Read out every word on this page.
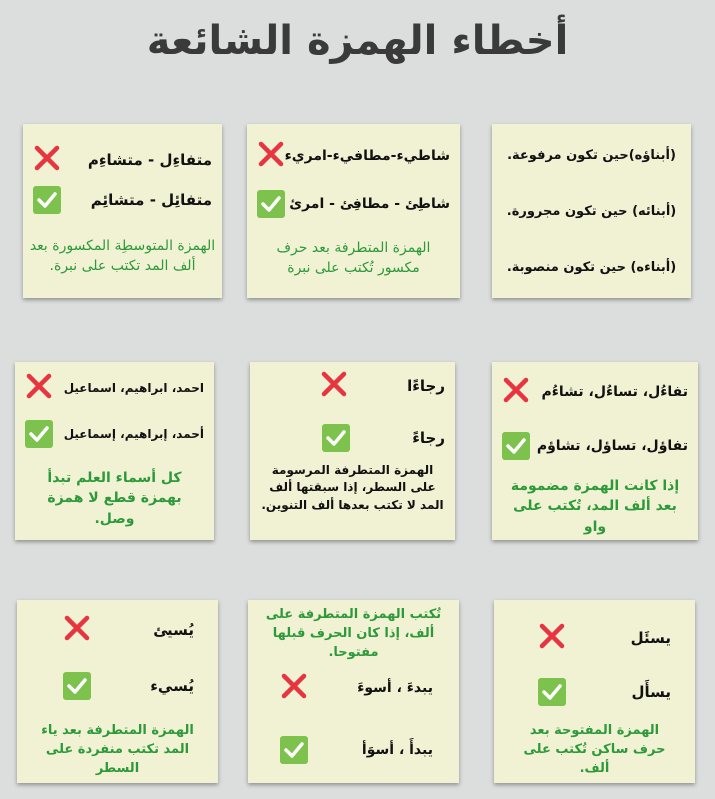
أخطاء الهمزة الشائعة
متفاءِل - متشاءِم
متفائِل - متشائِم
الهمزة المتوسطِة المكسورة بعد ألف المد تكتب على نبرة.
شاطيء-مطافيء-امريء
شاطِئ - مطافِئ - امرئ
الهمزة المتطرفة بعد حرف مكسور تُكتب على نبرة
(أبناؤه)حين تكون مرفوعة.
(أبنائه) حين تكون مجرورة.
(أبناءه) حين تكون منصوبة.
احمد، ابراهيم، اسماعيل
أحمد، إبراهيم، إسماعيل
كل أسماء العلم تبدأ بهمزة قطع لا همزة وصل.
رجاءًا
رجاءً
الهمزة المتطرفة المرسومة على السطر، إذا سبقتها ألف المد لا تكتب بعدها ألف التنوين.
تفاءُل، تساءُل، تشاءُم
تفاؤل، تساؤل، تشاؤم
إذا كانت الهمزة مضمومة بعد ألف المد، تُكتب على واو
يُسيئ
يُسيء
الهمزة المتطرفة بعد ياء المد تكتب منفردة على السطر
تُكتب الهمزة المتطرفة على ألف، إذا كان الحرف قبلها مفتوحا.
يبدءَ ، أسوءَ
يبدأَ ، أسوَأ
يسئَل
يسأَل
الهمزة المفتوحة بعد حرف ساكن تُكتب على ألف.
